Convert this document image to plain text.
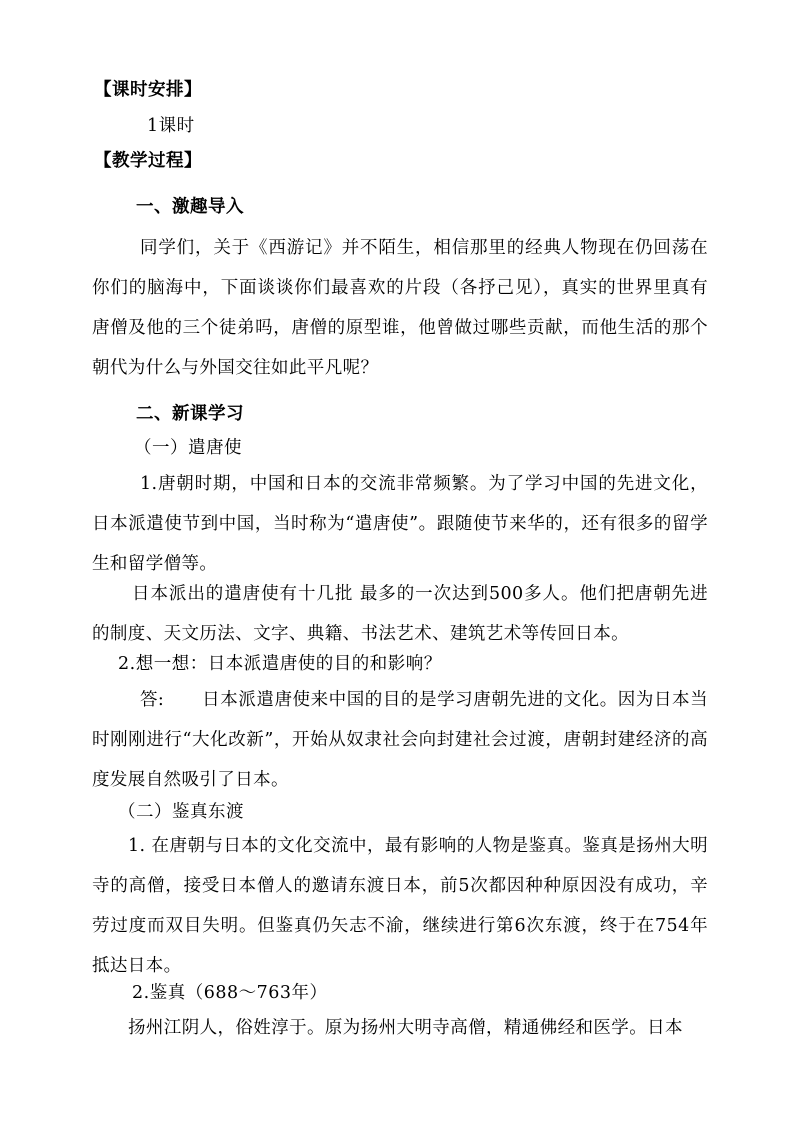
【课时安排】
1课时
【教学过程】
一、激趣导入
同学们，关于《西游记》并不陌生，相信那里的经典人物现在仍回荡在你们的脑海中，下面谈谈你们最喜欢的片段（各抒己见），真实的世界里真有唐僧及他的三个徒弟吗，唐僧的原型谁，他曾做过哪些贡献，而他生活的那个朝代为什么与外国交往如此平凡呢？
二、新课学习
（一）遣唐使
1.唐朝时期，中国和日本的交流非常频繁。为了学习中国的先进文化，日本派遣使节到中国，当时称为“遣唐使”。跟随使节来华的，还有很多的留学生和留学僧等。
日本派出的遣唐使有十几批 最多的一次达到500多人。他们把唐朝先进的制度、天文历法、文字、典籍、书法艺术、建筑艺术等传回日本。
2.想一想：日本派遣唐使的目的和影响？
答: 日本派遣唐使来中国的目的是学习唐朝先进的文化。因为日本当时刚刚进行“大化改新”，开始从奴隶社会向封建社会过渡，唐朝封建经济的高度发展自然吸引了日本。
（二）鉴真东渡
1. 在唐朝与日本的文化交流中，最有影响的人物是鉴真。鉴真是扬州大明寺的高僧，接受日本僧人的邀请东渡日本，前5次都因种种原因没有成功，辛劳过度而双目失明。但鉴真仍矢志不渝，继续进行第6次东渡，终于在754年抵达日本。
2.鉴真（688～763年）
扬州江阴人，俗姓淳于。原为扬州大明寺高僧，精通佛经和医学。日本
